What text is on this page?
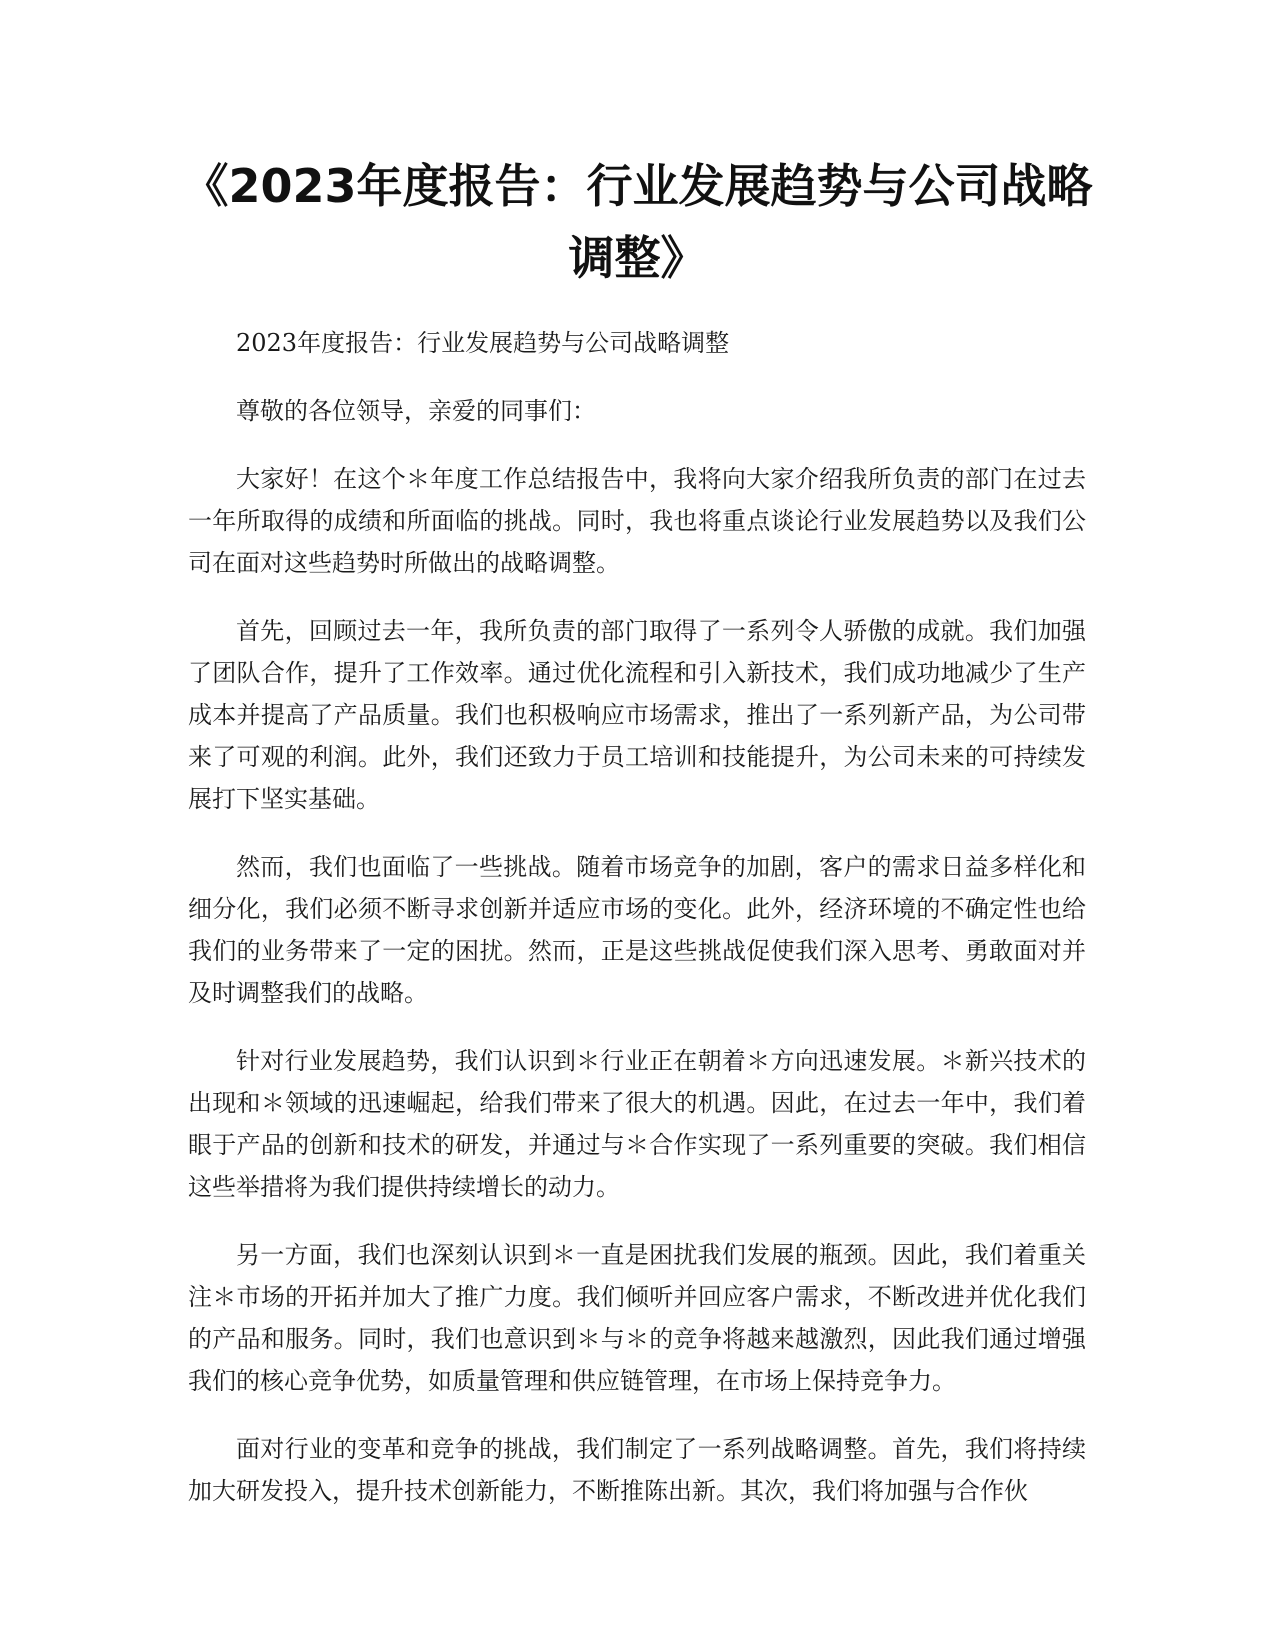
《2023年度报告：行业发展趋势与公司战略调整》

2023年度报告：行业发展趋势与公司战略调整

尊敬的各位领导，亲爱的同事们：

大家好！在这个＊年度工作总结报告中，我将向大家介绍我所负责的部门在过去一年所取得的成绩和所面临的挑战。同时，我也将重点谈论行业发展趋势以及我们公司在面对这些趋势时所做出的战略调整。

首先，回顾过去一年，我所负责的部门取得了一系列令人骄傲的成就。我们加强了团队合作，提升了工作效率。通过优化流程和引入新技术，我们成功地减少了生产成本并提高了产品质量。我们也积极响应市场需求，推出了一系列新产品，为公司带来了可观的利润。此外，我们还致力于员工培训和技能提升，为公司未来的可持续发展打下坚实基础。

然而，我们也面临了一些挑战。随着市场竞争的加剧，客户的需求日益多样化和细分化，我们必须不断寻求创新并适应市场的变化。此外，经济环境的不确定性也给我们的业务带来了一定的困扰。然而，正是这些挑战促使我们深入思考、勇敢面对并及时调整我们的战略。

针对行业发展趋势，我们认识到＊行业正在朝着＊方向迅速发展。＊新兴技术的出现和＊领域的迅速崛起，给我们带来了很大的机遇。因此，在过去一年中，我们着眼于产品的创新和技术的研发，并通过与＊合作实现了一系列重要的突破。我们相信这些举措将为我们提供持续增长的动力。

另一方面，我们也深刻认识到＊一直是困扰我们发展的瓶颈。因此，我们着重关注＊市场的开拓并加大了推广力度。我们倾听并回应客户需求，不断改进并优化我们的产品和服务。同时，我们也意识到＊与＊的竞争将越来越激烈，因此我们通过增强我们的核心竞争优势，如质量管理和供应链管理，在市场上保持竞争力。

面对行业的变革和竞争的挑战，我们制定了一系列战略调整。首先，我们将持续加大研发投入，提升技术创新能力，不断推陈出新。其次，我们将加强与合作伙
